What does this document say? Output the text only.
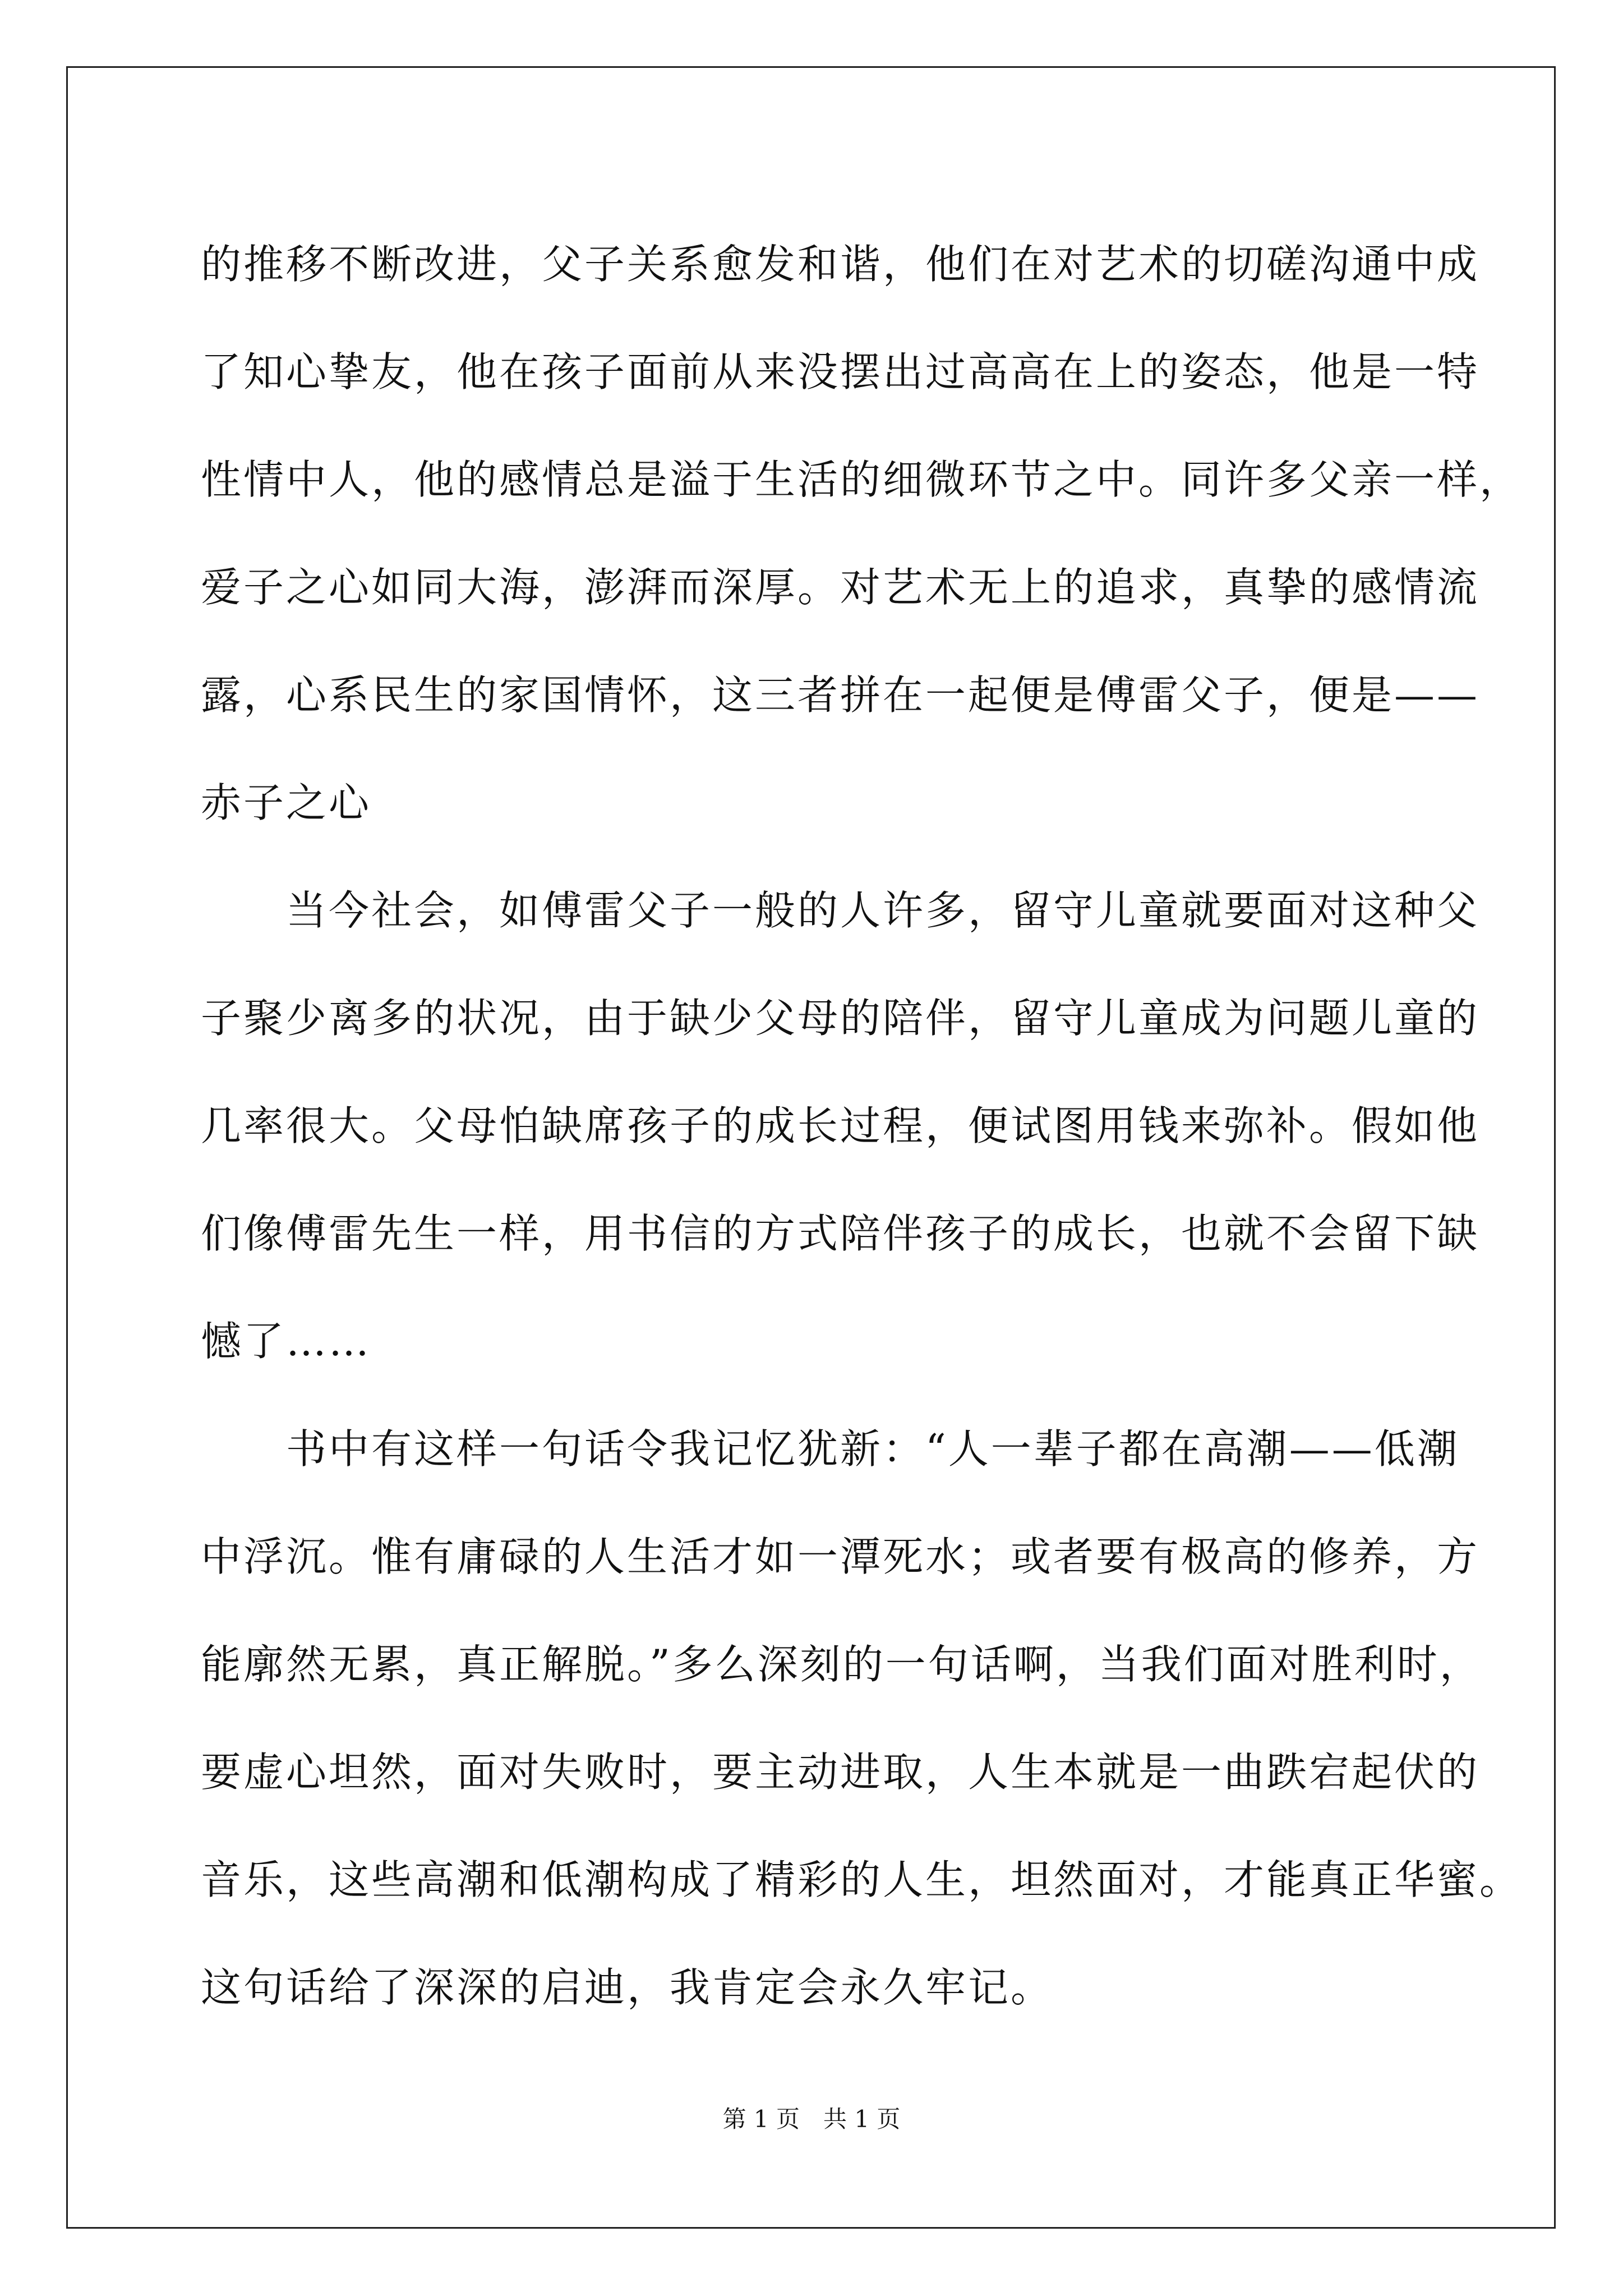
的推移不断改进，父子关系愈发和谐，他们在对艺术的切磋沟通中成
了知心挚友，他在孩子面前从来没摆出过高高在上的姿态，他是一特
性情中人，他的感情总是溢于生活的细微环节之中。同许多父亲一样，
爱子之心如同大海，澎湃而深厚。对艺术无上的追求，真挚的感情流
露，心系民生的家国情怀，这三者拼在一起便是傅雷父子，便是——
赤子之心
当今社会，如傅雷父子一般的人许多，留守儿童就要面对这种父
子聚少离多的状况，由于缺少父母的陪伴，留守儿童成为问题儿童的
几率很大。父母怕缺席孩子的成长过程，便试图用钱来弥补。假如他
们像傅雷先生一样，用书信的方式陪伴孩子的成长，也就不会留下缺
憾了……
书中有这样一句话令我记忆犹新：“人一辈子都在高潮——低潮
中浮沉。惟有庸碌的人生活才如一潭死水；或者要有极高的修养，方
能廓然无累，真正解脱。”多么深刻的一句话啊，当我们面对胜利时，
要虚心坦然，面对失败时，要主动进取，人生本就是一曲跌宕起伏的
音乐，这些高潮和低潮构成了精彩的人生，坦然面对，才能真正华蜜。
这句话给了深深的启迪，我肯定会永久牢记。
第 1 页　共 1 页
